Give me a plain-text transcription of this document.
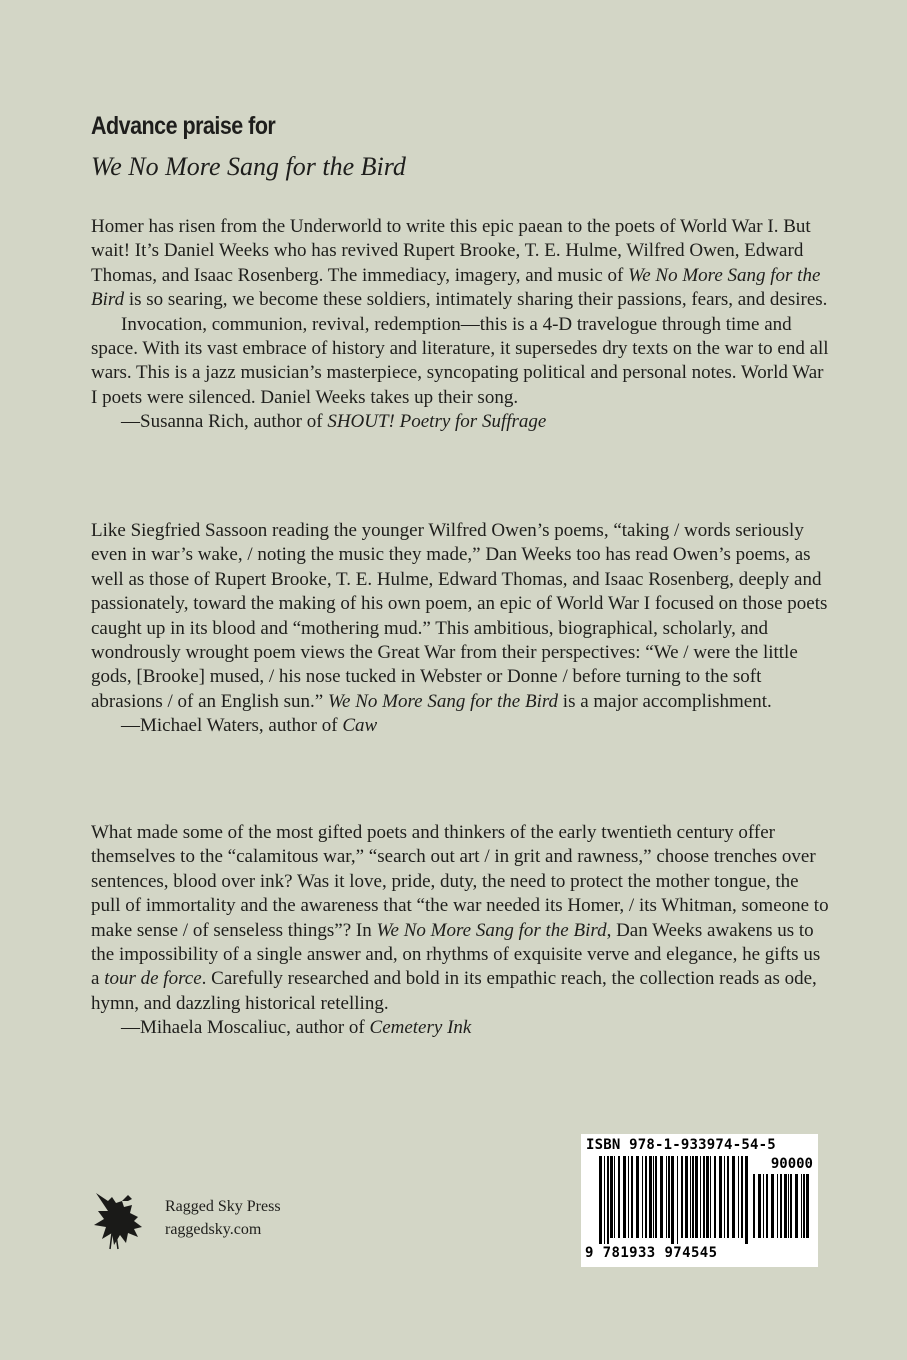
Advance praise for
We No More Sang for the Bird

Homer has risen from the Underworld to write this epic paean to the poets of World War I. But wait! It’s Daniel Weeks who has revived Rupert Brooke, T. E. Hulme, Wilfred Owen, Edward Thomas, and Isaac Rosenberg. The immediacy, imagery, and music of We No More Sang for the Bird is so searing, we become these soldiers, intimately sharing their passions, fears, and desires.

Invocation, communion, revival, redemption—this is a 4-D travelogue through time and space. With its vast embrace of history and literature, it supersedes dry texts on the war to end all wars. This is a jazz musician’s masterpiece, syncopating political and personal notes. World War I poets were silenced. Daniel Weeks takes up their song.

—Susanna Rich, author of SHOUT! Poetry for Suffrage

Like Siegfried Sassoon reading the younger Wilfred Owen’s poems, “taking / words seriously even in war’s wake, / noting the music they made,” Dan Weeks too has read Owen’s poems, as well as those of Rupert Brooke, T. E. Hulme, Edward Thomas, and Isaac Rosenberg, deeply and passionately, toward the making of his own poem, an epic of World War I focused on those poets caught up in its blood and “mothering mud.” This ambitious, biographical, scholarly, and wondrously wrought poem views the Great War from their perspectives: “We / were the little gods, [Brooke] mused, / his nose tucked in Webster or Donne / before turning to the soft abrasions / of an English sun.” We No More Sang for the Bird is a major accomplishment.

—Michael Waters, author of Caw

What made some of the most gifted poets and thinkers of the early twentieth century offer themselves to the “calamitous war,” “search out art / in grit and rawness,” choose trenches over sentences, blood over ink? Was it love, pride, duty, the need to protect the mother tongue, the pull of immortality and the awareness that “the war needed its Homer, / its Whitman, someone to make sense / of senseless things”? In We No More Sang for the Bird, Dan Weeks awakens us to the impossibility of a single answer and, on rhythms of exquisite verve and elegance, he gifts us a tour de force. Carefully researched and bold in its empathic reach, the collection reads as ode, hymn, and dazzling historical retelling.

—Mihaela Moscaliuc, author of Cemetery Ink

Ragged Sky Press
raggedsky.com
ISBN 978-1-933974-54-5
90000
9 781933 974545
